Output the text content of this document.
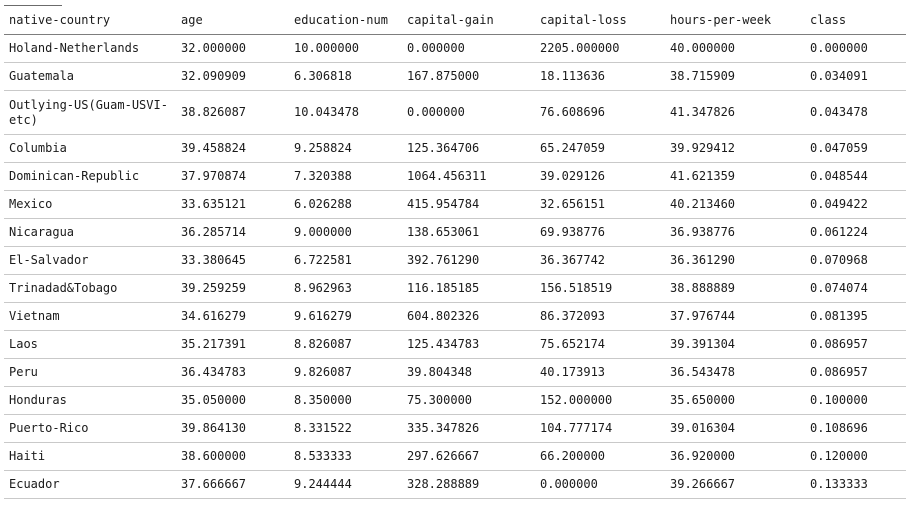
native-country	age	education-num	capital-gain	capital-loss	hours-per-week	class
Holand-Netherlands	32.000000	10.000000	0.000000	2205.000000	40.000000	0.000000
Guatemala	32.090909	6.306818	167.875000	18.113636	38.715909	0.034091
Outlying-US(Guam-USVI-etc)	38.826087	10.043478	0.000000	76.608696	41.347826	0.043478
Columbia	39.458824	9.258824	125.364706	65.247059	39.929412	0.047059
Dominican-Republic	37.970874	7.320388	1064.456311	39.029126	41.621359	0.048544
Mexico	33.635121	6.026288	415.954784	32.656151	40.213460	0.049422
Nicaragua	36.285714	9.000000	138.653061	69.938776	36.938776	0.061224
El-Salvador	33.380645	6.722581	392.761290	36.367742	36.361290	0.070968
Trinadad&Tobago	39.259259	8.962963	116.185185	156.518519	38.888889	0.074074
Vietnam	34.616279	9.616279	604.802326	86.372093	37.976744	0.081395
Laos	35.217391	8.826087	125.434783	75.652174	39.391304	0.086957
Peru	36.434783	9.826087	39.804348	40.173913	36.543478	0.086957
Honduras	35.050000	8.350000	75.300000	152.000000	35.650000	0.100000
Puerto-Rico	39.864130	8.331522	335.347826	104.777174	39.016304	0.108696
Haiti	38.600000	8.533333	297.626667	66.200000	36.920000	0.120000
Ecuador	37.666667	9.244444	328.288889	0.000000	39.266667	0.133333
